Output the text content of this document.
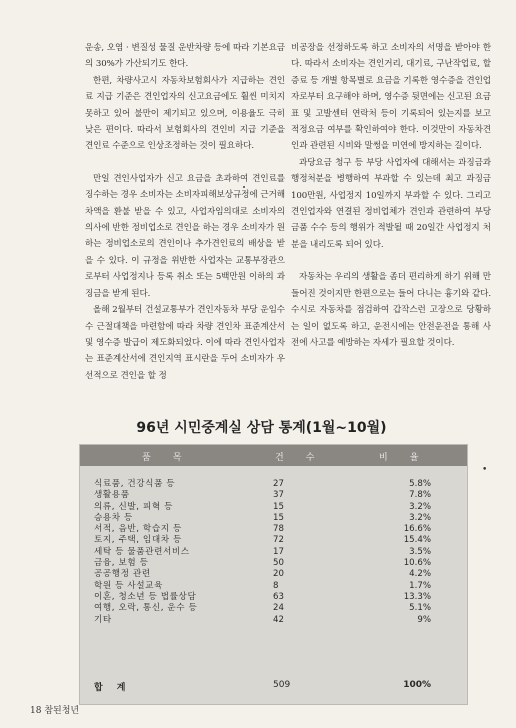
운송, 오염 · 변질성 물질 운반차량 등에 따라 기본요금의 30%가 가산되기도 한다.

한편, 차량사고시 자동차보험회사가 지급하는 견인료 지급 기준은 견인업자의 신고요금에도 훨씬 미치지 못하고 있어 불만이 제기되고 있으며, 이용율도 극히 낮은 편이다. 따라서 보험회사의 견인비 지급 기준을 견인료 수준으로 인상조정하는 것이 필요하다.

만일 견인사업자가 신고 요금을 초과하여 견인료를 징수하는 경우 소비자는 소비자피해보상규정에 근거해 차액을 환불 받을 수 있고, 사업자임의대로 소비자의 의사에 반한 정비업소로 견인을 하는 경우 소비자가 원하는 정비업소로의 견인이나 추가견인료의 배상을 받을 수 있다. 이 규정을 위반한 사업자는 교통부장관으로부터 사업정지나 등록 취소 또는 5백만원 이하의 과징금을 받게 된다.

올해 2월부터 건설교통부가 견인자동차 부당 운임수수 근절대책을 마련함에 따라 차량 견인차 표준계산서 및 영수증 발급이 제도화되었다. 이에 따라 견인사업자는 표준계산서에 견인지역 표시란을 두어 소비자가 우선적으로 견인을 할 정

비공장을 선정하도록 하고 소비자의 서명을 받아야 한다. 따라서 소비자는 견인거리, 대기료, 구난작업료, 할증료 등 개별 항목별로 요금을 기록한 영수증을 견인업자로부터 요구해야 하며, 영수증 뒷면에는 신고된 요금표 및 고발센터 연락처 등이 기록되어 있는지를 보고 적정요금 여부를 확인하여야 한다. 이것만이 자동차견인과 관련된 시비와 말썽을 미연에 방지하는 길이다.

과당요금 청구 등 부당 사업자에 대해서는 과징금과 행정처분을 병행하여 부과할 수 있는데 최고 과징금 100만원, 사업정지 10일까지 부과할 수 있다. 그리고 견인업자와 연결된 정비업체가 견인과 관련하여 부당금품 수수 등의 행위가 적발될 때 20일간 사업정지 처분을 내리도록 되어 있다.

자동차는 우리의 생활을 좀더 편리하게 하기 위해 만들어진 것이지만 한편으로는 들어 다니는 흉기와 같다. 수시로 자동차를 점검하여 갑작스런 고장으로 당황하는 일이 없도록 하고, 운전시에는 안전운전을 통해 사전에 사고를 예방하는 자세가 필요할 것이다.

96년 시민중계실 상담 통계(1월~10월)
품목	건수	비율
식료품, 건강식품 등	27	5.8%
생활용품	37	7.8%
의류, 신발, 피혁 등	15	3.2%
승용차 등	15	3.2%
서적, 음반, 학습지 등	78	16.6%
토지, 주택, 임대차 등	72	15.4%
세탁 등 물품관련서비스	17	3.5%
금융, 보험 등	50	10.6%
공공행정 관련	20	4.2%
학원 등 사설교육	8	1.7%
이혼, 청소년 등 법률상담	63	13.3%
여행, 오락, 통신, 운수 등	24	5.1%
기타	42	9%
합계	509	100%
•
18 참된청년
